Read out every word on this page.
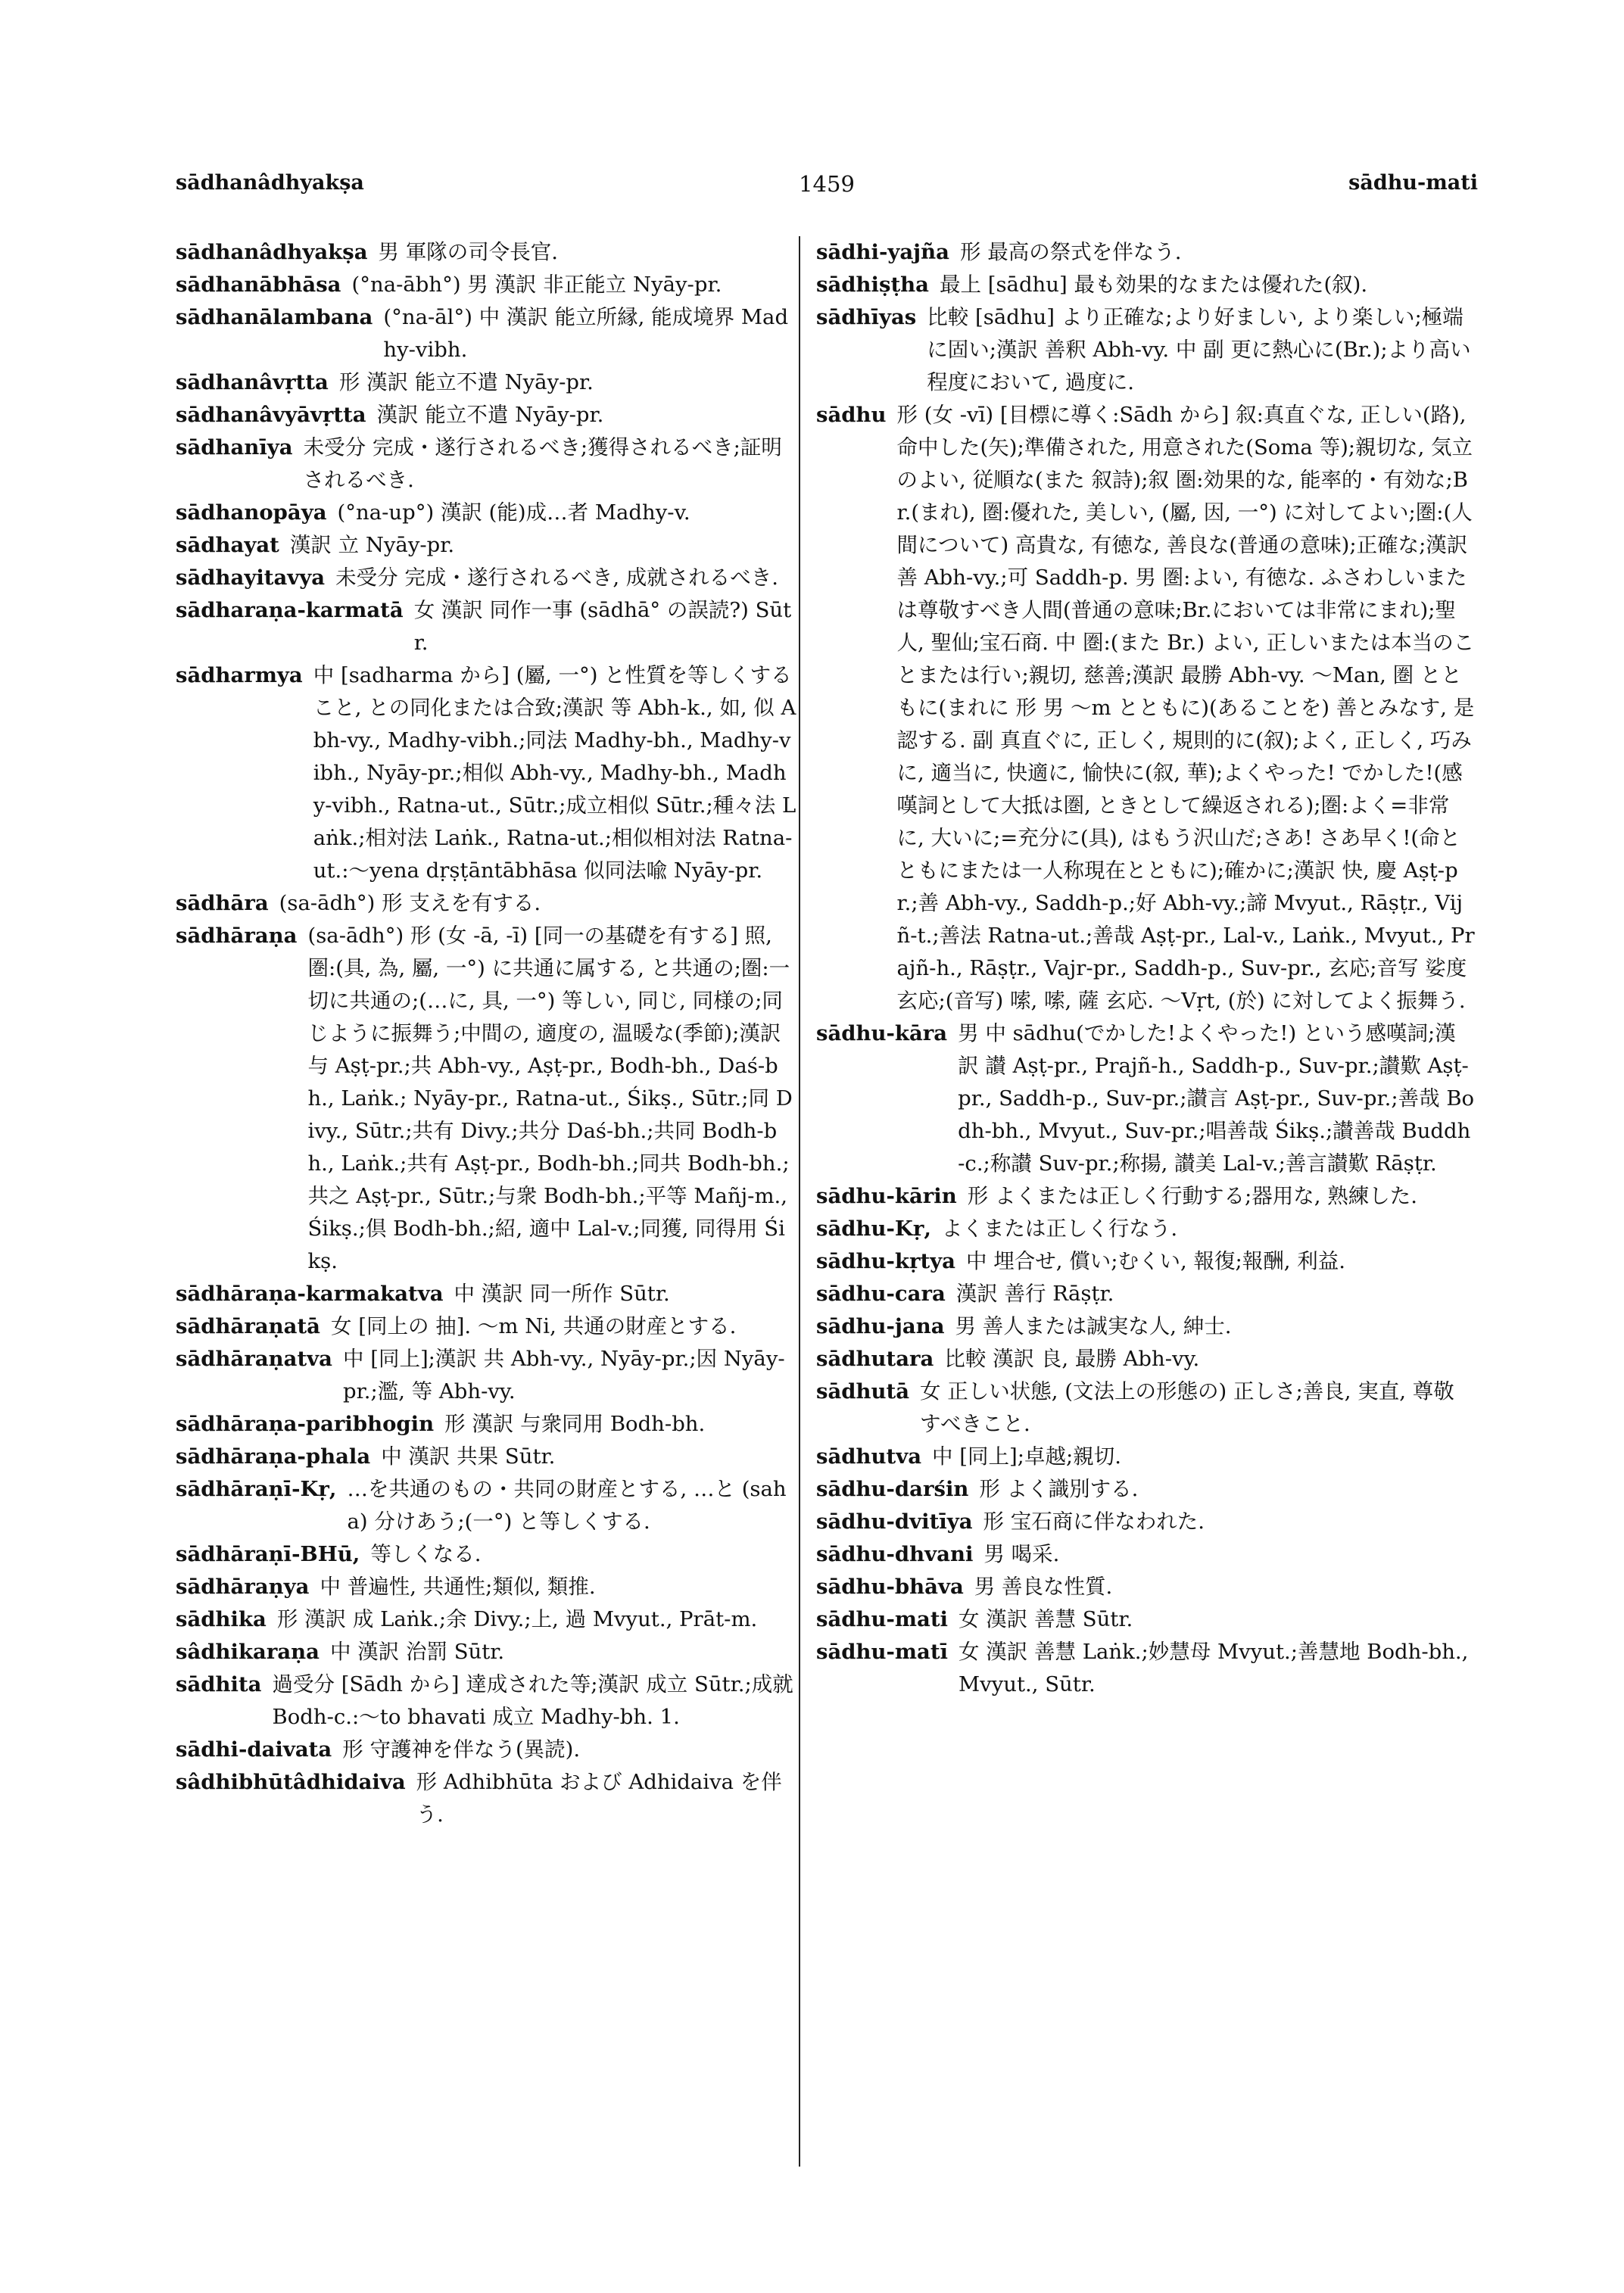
sādhanâdhyakṣa	1459	sādhu-mati
sādhanâdhyakṣa 男 軍隊の司令長官.
sādhanābhāsa (°na-ābh°) 男 漢訳 非正能立 Nyāy-pr.
sādhanālambana (°na-āl°) 中 漢訳 能立所縁, 能成境界 Madhy-vibh.
sādhanâvṛtta 形 漢訳 能立不遣 Nyāy-pr.
sādhanâvyāvṛtta 漢訳 能立不遣 Nyāy-pr.
sādhanīya 未受分 完成・遂行されるべき;獲得されるべき;証明されるべき.
sādhanopāya (°na-up°) 漢訳 (能)成…者 Madhy-v.
sādhayat 漢訳 立 Nyāy-pr.
sādhayitavya 未受分 完成・遂行されるべき, 成就されるべき.
sādharaṇa-karmatā 女 漢訳 同作一事 (sādhā° の誤読?) Sūtr.
sādharmya 中 [sadharma から] (屬, 一°) と性質を等しくすること, との同化または合致;漢訳 等 Abh-k., 如, 似 Abh-vy., Madhy-vibh.;同法 Madhy-bh., Madhy-vibh., Nyāy-pr.;相似 Abh-vy., Madhy-bh., Madhy-vibh., Ratna-ut., Sūtr.;成立相似 Sūtr.;種々法 Laṅk.;相対法 Laṅk., Ratna-ut.;相似相対法 Ratna-ut.:〜yena dṛṣṭāntābhāsa 似同法喩 Nyāy-pr.
sādhāra (sa-ādh°) 形 支えを有する.
sādhāraṇa (sa-ādh°) 形 (女 -ā, -ī) [同一の基礎を有する] 照, 圏:(具, 為, 屬, 一°) に共通に属する, と共通の;圏:一切に共通の;(…に, 具, 一°) 等しい, 同じ, 同様の;同じように振舞う;中間の, 適度の, 温暖な(季節);漢訳 与 Aṣṭ-pr.;共 Abh-vy., Aṣṭ-pr., Bodh-bh., Daś-bh., Laṅk.; Nyāy-pr., Ratna-ut., Śikṣ., Sūtr.;同 Divy., Sūtr.;共有 Divy.;共分 Daś-bh.;共同 Bodh-bh., Laṅk.;共有 Aṣṭ-pr., Bodh-bh.;同共 Bodh-bh.;共之 Aṣṭ-pr., Sūtr.;与衆 Bodh-bh.;平等 Mañj-m., Śikṣ.;倶 Bodh-bh.;紹, 適中 Lal-v.;同獲, 同得用 Śikṣ.
sādhāraṇa-karmakatva 中 漢訳 同一所作 Sūtr.
sādhāraṇatā 女 [同上の 抽]. 〜m Ni, 共通の財産とする.
sādhāraṇatva 中 [同上];漢訳 共 Abh-vy., Nyāy-pr.;因 Nyāy-pr.;濫, 等 Abh-vy.
sādhāraṇa-paribhogin 形 漢訳 与衆同用 Bodh-bh.
sādhāraṇa-phala 中 漢訳 共果 Sūtr.
sādhāraṇī-Kṛ, …を共通のもの・共同の財産とする, …と (saha) 分けあう;(一°) と等しくする.
sādhāraṇī-BHū, 等しくなる.
sādhāraṇya 中 普遍性, 共通性;類似, 類推.
sādhika 形 漢訳 成 Laṅk.;余 Divy.;上, 過 Mvyut., Prāt-m.
sâdhikaraṇa 中 漢訳 治罰 Sūtr.
sādhita 過受分 [Sādh から] 達成された等;漢訳 成立 Sūtr.;成就 Bodh-c.:〜to bhavati 成立 Madhy-bh. 1.
sādhi-daivata 形 守護神を伴なう(異読).
sâdhibhūtâdhidaiva 形 Adhibhūta および Adhidaiva を伴う.
sādhi-yajña 形 最高の祭式を伴なう.
sādhiṣṭha 最上 [sādhu] 最も効果的なまたは優れた(叙).
sādhīyas 比較 [sādhu] より正確な;より好ましい, より楽しい;極端に固い;漢訳 善釈 Abh-vy. 中 副 更に熱心に(Br.);より高い程度において, 過度に.
sādhu 形 (女 -vī) [目標に導く:Sādh から] 叙:真直ぐな, 正しい(路), 命中した(矢);準備された, 用意された(Soma 等);親切な, 気立のよい, 従順な(また 叙詩);叙 圏:効果的な, 能率的・有効な;Br.(まれ), 圏:優れた, 美しい, (屬, 因, 一°) に対してよい;圏:(人間について) 高貴な, 有徳な, 善良な(普通の意味);正確な;漢訳 善 Abh-vy.;可 Saddh-p. 男 圏:よい, 有徳な. ふさわしいまたは尊敬すべき人間(普通の意味;Br.においては非常にまれ);聖人, 聖仙;宝石商. 中 圏:(また Br.) よい, 正しいまたは本当のことまたは行い;親切, 慈善;漢訳 最勝 Abh-vy. 〜Man, 圏 とともに(まれに 形 男 〜m とともに)(あることを) 善とみなす, 是認する. 副 真直ぐに, 正しく, 規則的に(叙);よく, 正しく, 巧みに, 適当に, 快適に, 愉快に(叙, 華);よくやった! でかした!(感嘆詞として大抵は圏, ときとして繰返される);圏:よく=非常に, 大いに;=充分に(具), はもう沢山だ;さあ! さあ早く!(命とともにまたは一人称現在とともに);確かに;漢訳 快, 慶 Aṣṭ-pr.;善 Abh-vy., Saddh-p.;好 Abh-vy.;諦 Mvyut., Rāṣṭr., Vijñ-t.;善法 Ratna-ut.;善哉 Aṣṭ-pr., Lal-v., Laṅk., Mvyut., Prajñ-h., Rāṣṭr., Vajr-pr., Saddh-p., Suv-pr., 玄応;音写 娑度 玄応;(音写) 嗦, 嗦, 薩 玄応. 〜Vṛt, (於) に対してよく振舞う.
sādhu-kāra 男 中 sādhu(でかした!よくやった!) という感嘆詞;漢訳 讃 Aṣṭ-pr., Prajñ-h., Saddh-p., Suv-pr.;讃歎 Aṣṭ-pr., Saddh-p., Suv-pr.;讃言 Aṣṭ-pr., Suv-pr.;善哉 Bodh-bh., Mvyut., Suv-pr.;唱善哉 Śikṣ.;讃善哉 Buddh-c.;称讃 Suv-pr.;称揚, 讃美 Lal-v.;善言讃歎 Rāṣṭr.
sādhu-kārin 形 よくまたは正しく行動する;器用な, 熟練した.
sādhu-Kṛ, よくまたは正しく行なう.
sādhu-kṛtya 中 埋合せ, 償い;むくい, 報復;報酬, 利益.
sādhu-cara 漢訳 善行 Rāṣṭr.
sādhu-jana 男 善人または誠実な人, 紳士.
sādhutara 比較 漢訳 良, 最勝 Abh-vy.
sādhutā 女 正しい状態, (文法上の形態の) 正しさ;善良, 実直, 尊敬すべきこと.
sādhutva 中 [同上];卓越;親切.
sādhu-darśin 形 よく識別する.
sādhu-dvitīya 形 宝石商に伴なわれた.
sādhu-dhvani 男 喝采.
sādhu-bhāva 男 善良な性質.
sādhu-mati 女 漢訳 善慧 Sūtr.
sādhu-matī 女 漢訳 善慧 Laṅk.;妙慧母 Mvyut.;善慧地 Bodh-bh., Mvyut., Sūtr.
